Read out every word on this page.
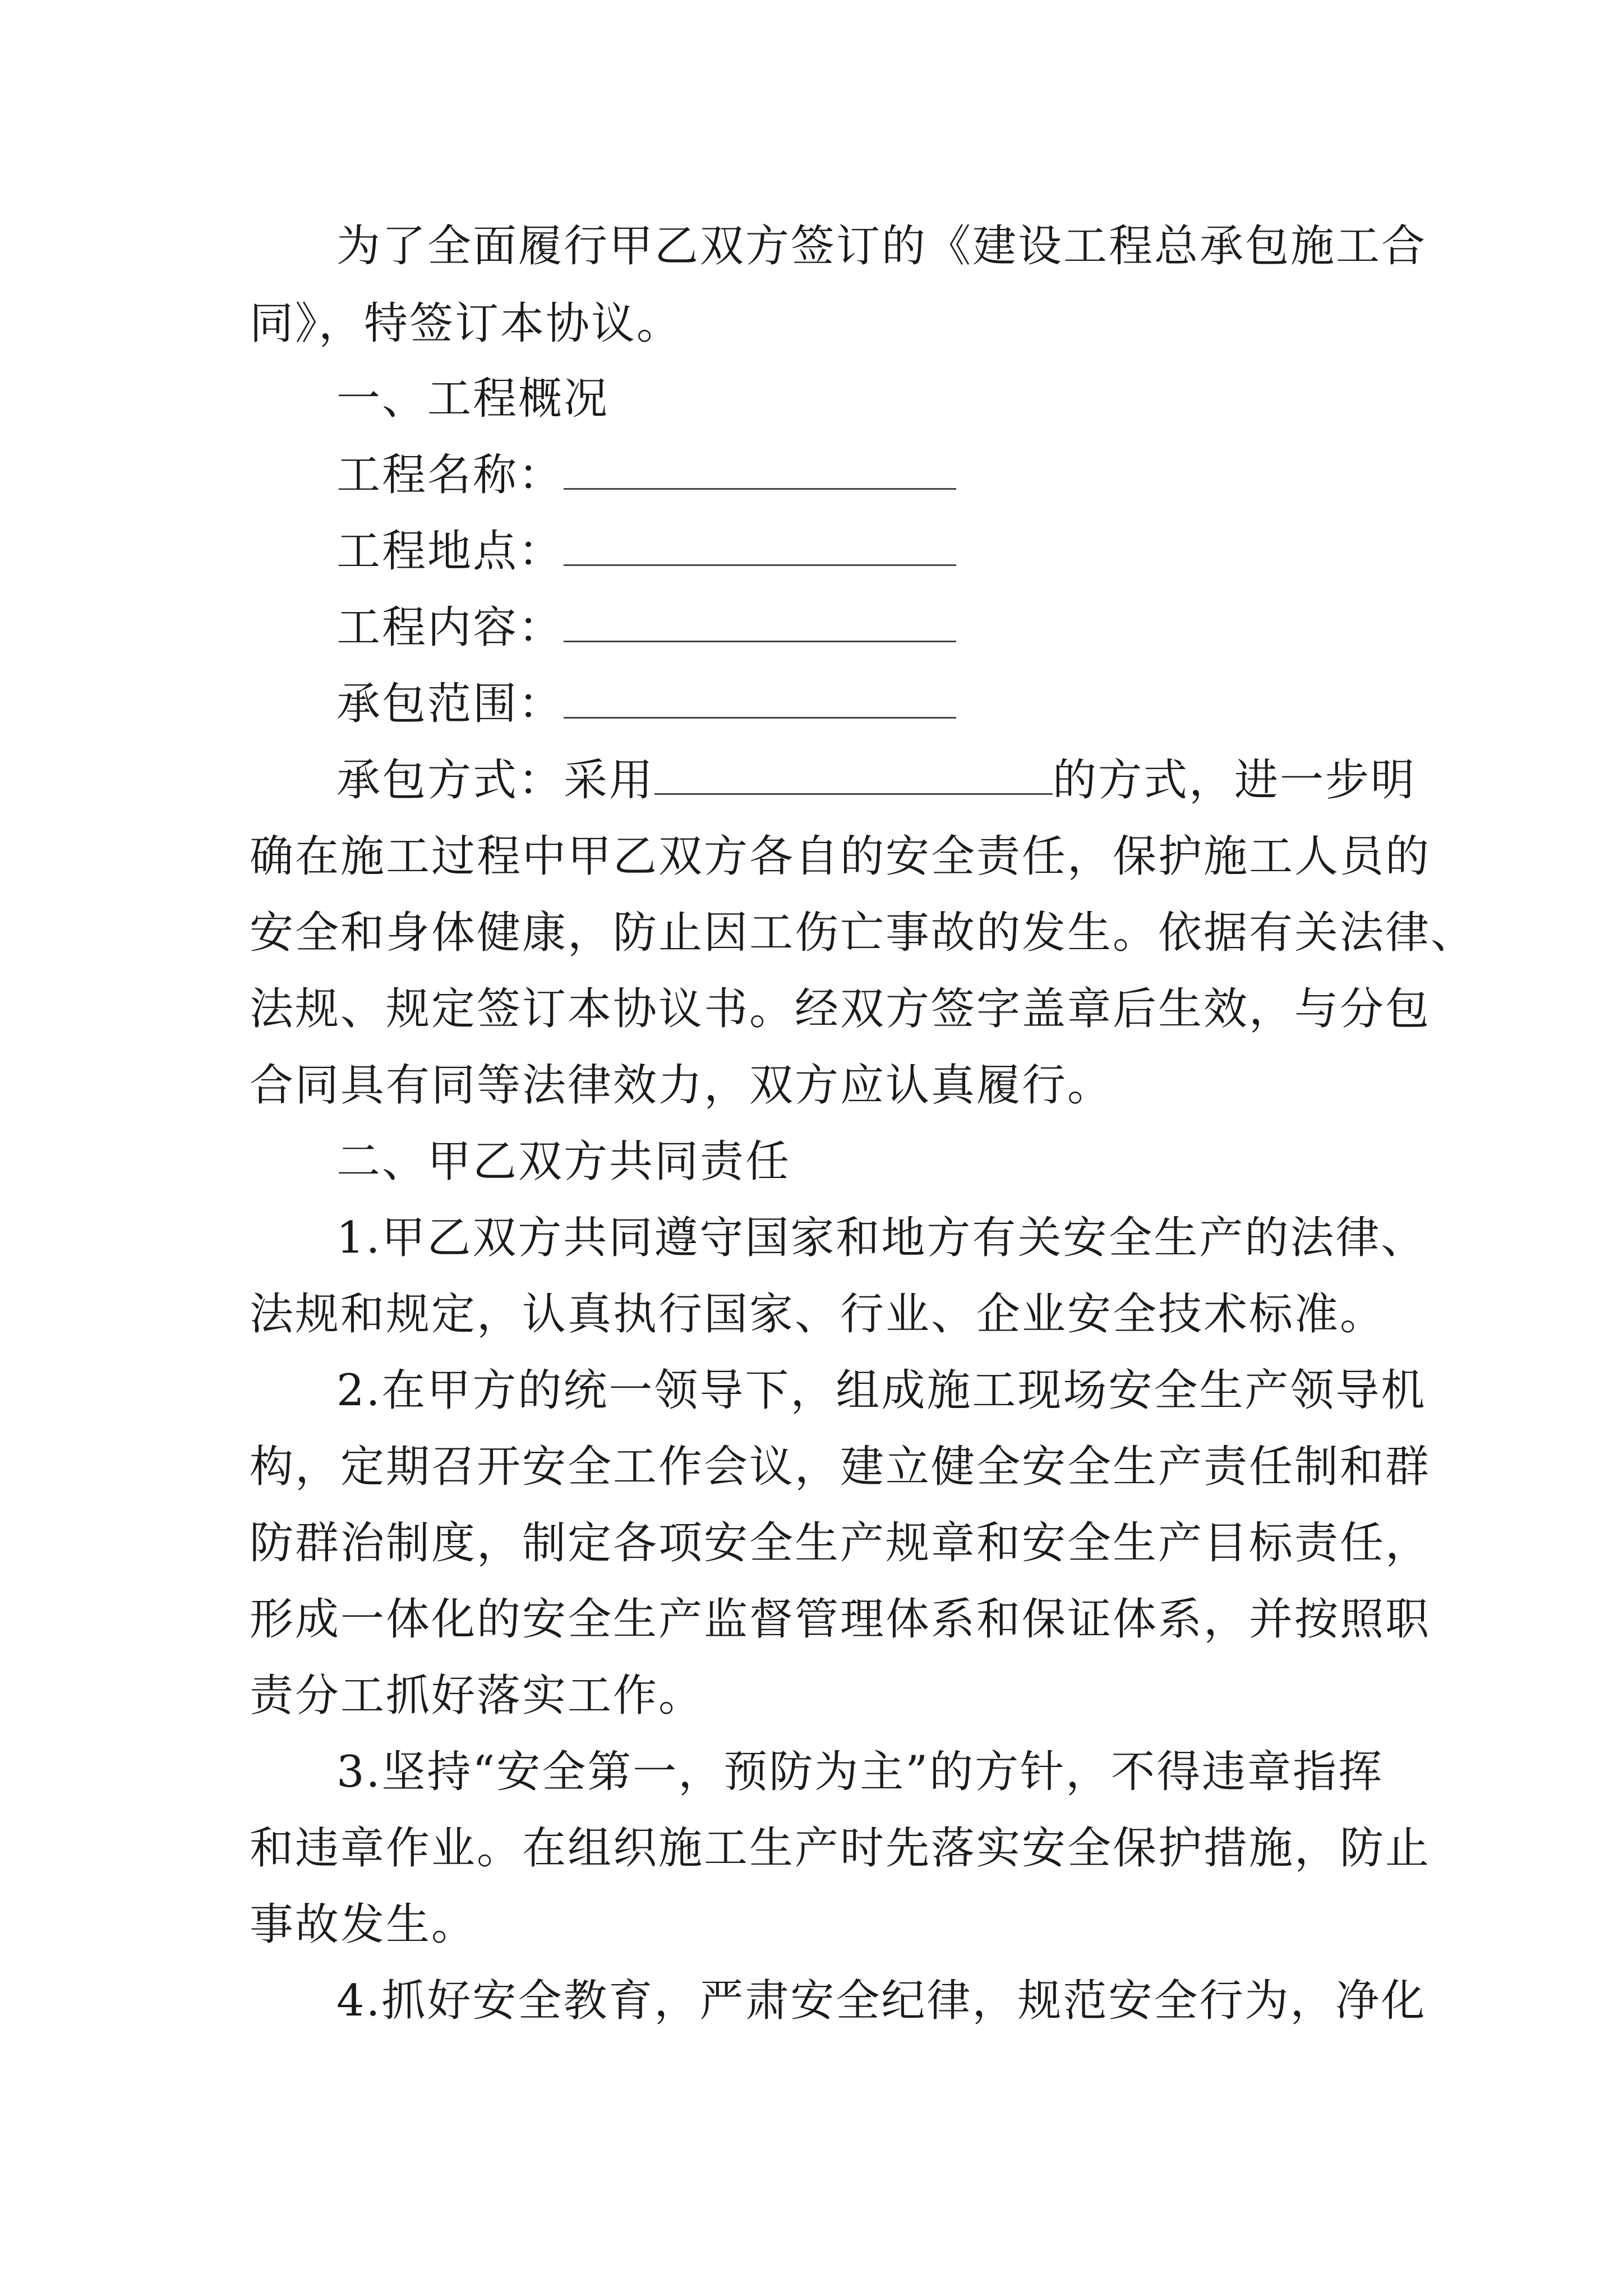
为了全面履行甲乙双方签订的《建设工程总承包施工合
同》，特签订本协议。
一、工程概况
工程名称：
工程地点：
工程内容：
承包范围：
承包方式：采用	的方式，进一步明
确在施工过程中甲乙双方各自的安全责任，保护施工人员的
安全和身体健康，防止因工伤亡事故的发生。依据有关法律、
法规、规定签订本协议书。经双方签字盖章后生效，与分包
合同具有同等法律效力，双方应认真履行。
二、甲乙双方共同责任
1.甲乙双方共同遵守国家和地方有关安全生产的法律、
法规和规定，认真执行国家、行业、企业安全技术标准。
2.在甲方的统一领导下，组成施工现场安全生产领导机
构，定期召开安全工作会议，建立健全安全生产责任制和群
防群治制度，制定各项安全生产规章和安全生产目标责任，
形成一体化的安全生产监督管理体系和保证体系，并按照职
责分工抓好落实工作。
3.坚持“安全第一，预防为主”的方针，不得违章指挥
和违章作业。在组织施工生产时先落实安全保护措施，防止
事故发生。
4.抓好安全教育，严肃安全纪律，规范安全行为，净化
